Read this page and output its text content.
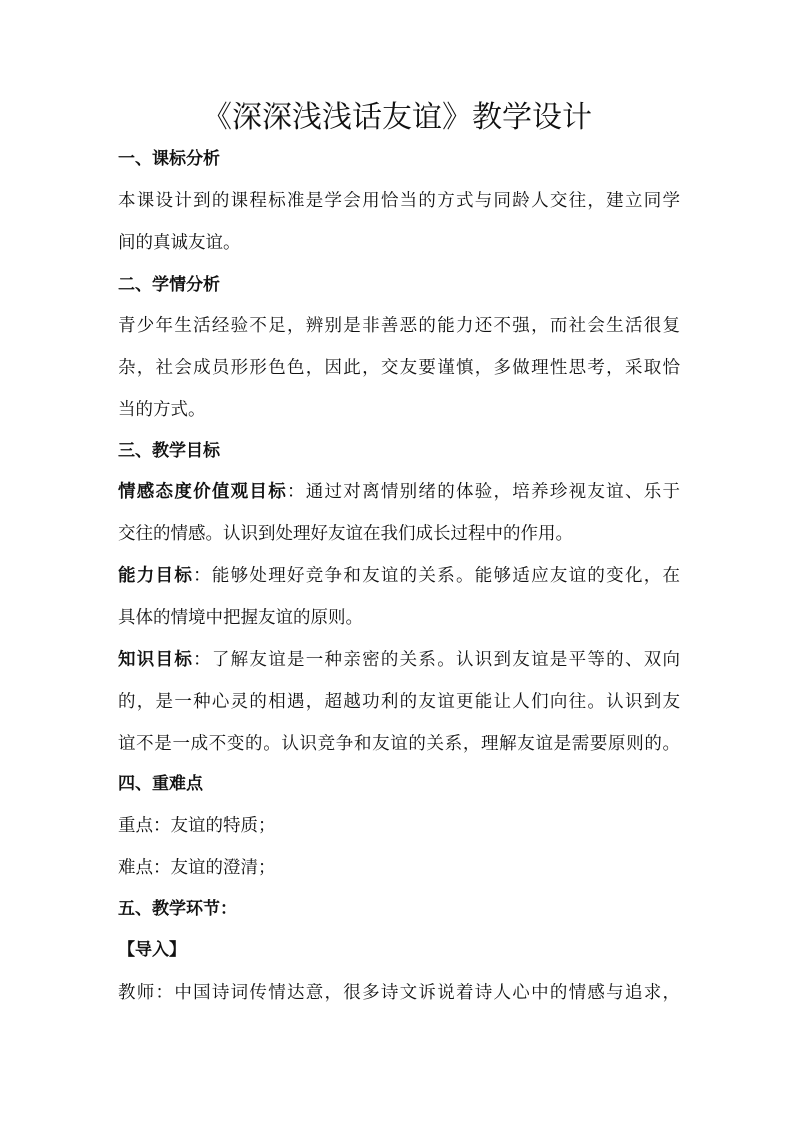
《深深浅浅话友谊》教学设计
一、课标分析
本课设计到的课程标准是学会用恰当的方式与同龄人交往，建立同学
间的真诚友谊。
二、学情分析
青少年生活经验不足，辨别是非善恶的能力还不强，而社会生活很复
杂，社会成员形形色色，因此，交友要谨慎，多做理性思考，采取恰
当的方式。
三、教学目标
情感态度价值观目标：通过对离情别绪的体验，培养珍视友谊、乐于
交往的情感。认识到处理好友谊在我们成长过程中的作用。
能力目标：能够处理好竞争和友谊的关系。能够适应友谊的变化，在
具体的情境中把握友谊的原则。
知识目标：了解友谊是一种亲密的关系。认识到友谊是平等的、双向
的，是一种心灵的相遇，超越功利的友谊更能让人们向往。认识到友
谊不是一成不变的。认识竞争和友谊的关系，理解友谊是需要原则的。
四、重难点
重点：友谊的特质；
难点：友谊的澄清；
五、教学环节：
【导入】
教师：中国诗词传情达意，很多诗文诉说着诗人心中的情感与追求，
